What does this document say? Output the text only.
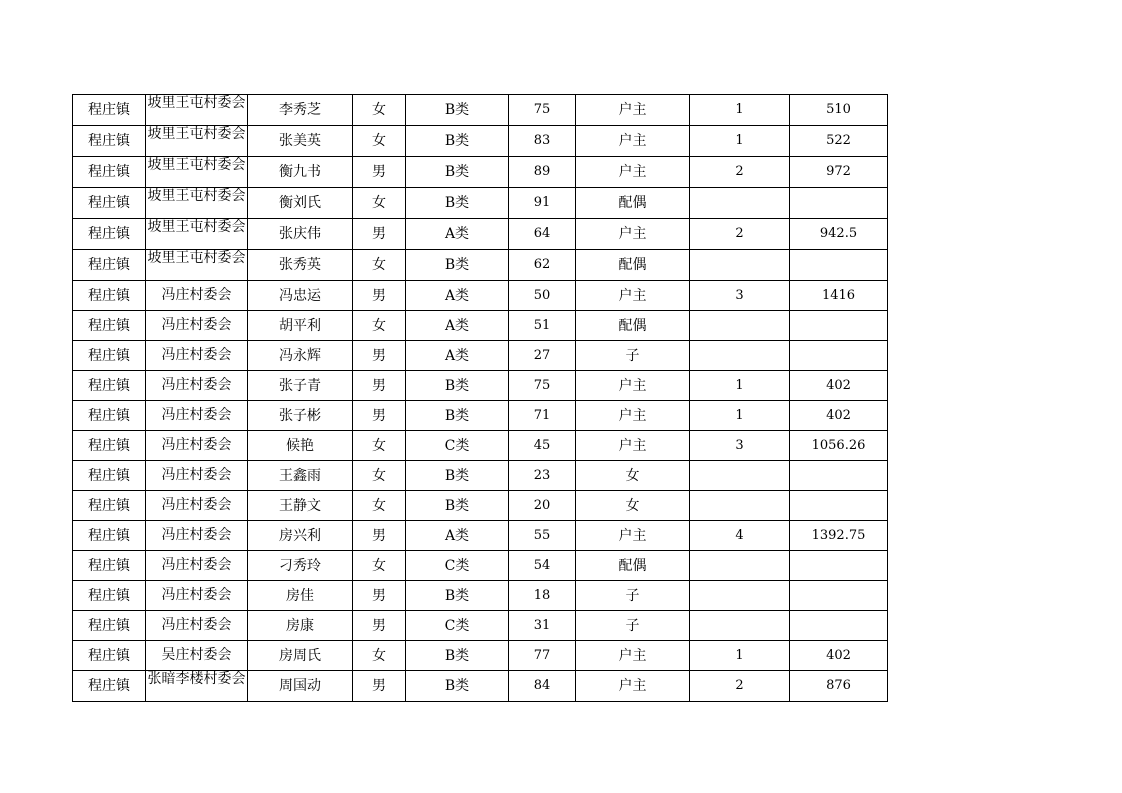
程庄镇	坡里王屯村委会	李秀芝	女	B类	75	户主	1	510
程庄镇	坡里王屯村委会	张美英	女	B类	83	户主	1	522
程庄镇	坡里王屯村委会	衡九书	男	B类	89	户主	2	972
程庄镇	坡里王屯村委会	衡刘氏	女	B类	91	配偶		
程庄镇	坡里王屯村委会	张庆伟	男	A类	64	户主	2	942.5
程庄镇	坡里王屯村委会	张秀英	女	B类	62	配偶		
程庄镇	冯庄村委会	冯忠运	男	A类	50	户主	3	1416
程庄镇	冯庄村委会	胡平利	女	A类	51	配偶		
程庄镇	冯庄村委会	冯永辉	男	A类	27	子		
程庄镇	冯庄村委会	张子青	男	B类	75	户主	1	402
程庄镇	冯庄村委会	张子彬	男	B类	71	户主	1	402
程庄镇	冯庄村委会	候艳	女	C类	45	户主	3	1056.26
程庄镇	冯庄村委会	王鑫雨	女	B类	23	女		
程庄镇	冯庄村委会	王静文	女	B类	20	女		
程庄镇	冯庄村委会	房兴利	男	A类	55	户主	4	1392.75
程庄镇	冯庄村委会	刁秀玲	女	C类	54	配偶		
程庄镇	冯庄村委会	房佳	男	B类	18	子		
程庄镇	冯庄村委会	房康	男	C类	31	子		
程庄镇	吴庄村委会	房周氏	女	B类	77	户主	1	402
程庄镇	张暗李楼村委会	周国动	男	B类	84	户主	2	876
